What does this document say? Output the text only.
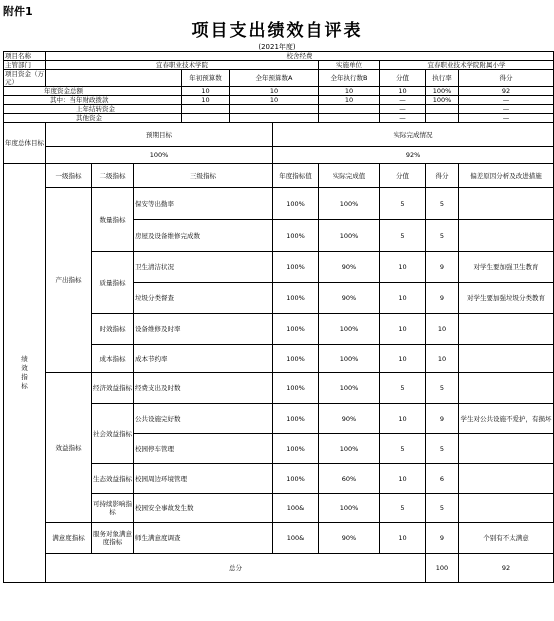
附件1
项目支出绩效自评表
(2021年度)
项目名称	校舍经费										
主管部门	宜春职业技术学院						实施单位	宜春职业技术学院附属小学			
项目资金（万元）				年初预算数	全年预算数A		全年执行数B	分值	执行率	得分	
年度资金总额				10	10		10	10	100%	92	
其中：当年财政拨款				10	10		10	—	100%	—	
上年结转资金								—		—	
其他资金								—		—	
年度总体目标	预期目标					实际完成情况					
	100%					92%					
绩效指标	一级指标	二级指标	三级指标			年度指标值	实际完成值	分值	得分	偏差原因分析及改进措施	
	产出指标	数量指标	保安等出勤率			100%	100%	5	5		
			房屋及设备维修完成数			100%	100%	5	5		
		质量指标	卫生清洁状况			100%	90%	10	9	对学生要加强卫生教育	
			垃圾分类督查			100%	90%	10	9	对学生要加强垃圾分类教育	
		时效指标	设备维修及时率			100%	100%	10	10		
		成本指标	成本节约率			100%	100%	10	10		
	效益指标	经济效益指标	经费支出及时数			100%	100%	5	5		
		社会效益指标	公共设施完好数			100%	90%	10	9	学生对公共设施不爱护，有损坏	
			校园停车管理			100%	100%	5	5		
		生态效益指标	校园周边环境管理			100%	60%	10	6		
		可持续影响指标	校园安全事故发生数			100&	100%	5	5		
	满意度指标	服务对象满意度指标	师生满意度调查			100&	90%	10	9	个别有不太满意	
	总分								100	92	
